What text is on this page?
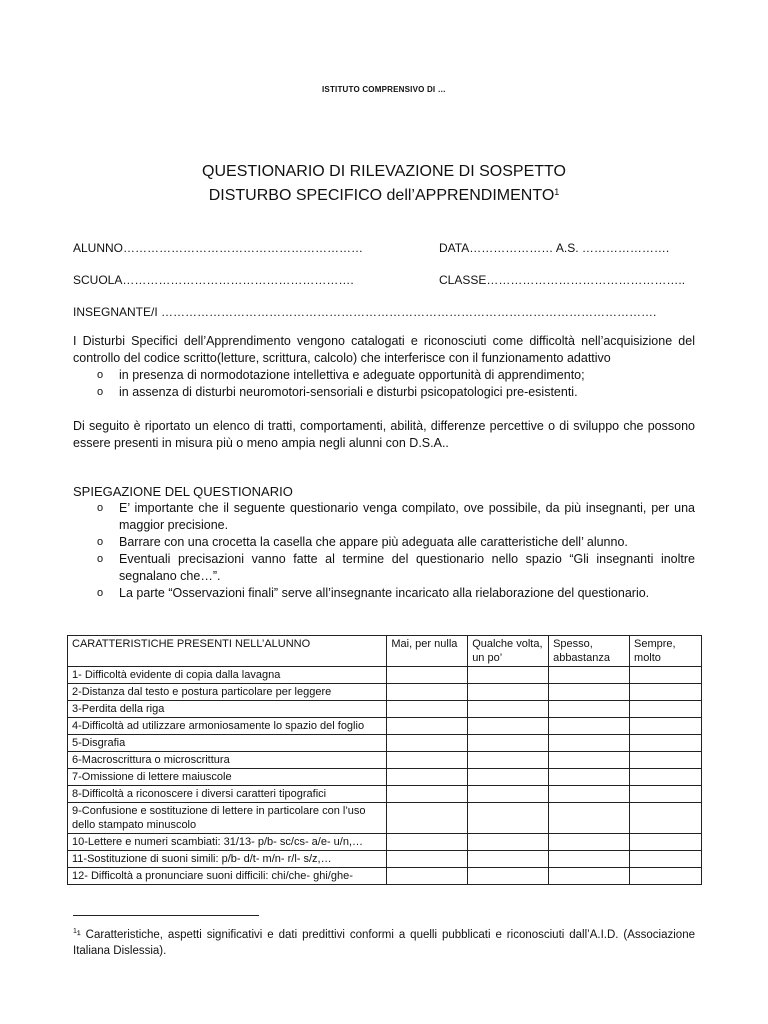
ISTITUTO COMPRENSIVO DI …
QUESTIONARIO DI RILEVAZIONE DI SOSPETTO
DISTURBO SPECIFICO dell’APPRENDIMENTO$^1$
ALUNNO……………………………………………………	DATA………………… A.S. ………………….
SCUOLA………………………………………………….	CLASSE…………………………………………..
INSEGNANTE/I …………………………………………………………………………………………………………….
I Disturbi Specifici dell’Apprendimento vengono catalogati e riconosciuti come difficoltà nell’acquisizione del controllo del codice scritto(letture, scrittura, calcolo) che interferisce con il funzionamento adattivo
o in presenza di normodotazione intellettiva e adeguate opportunità di apprendimento;
o in assenza di disturbi neuromotori-sensoriali e disturbi psicopatologici pre-esistenti.
Di seguito è riportato un elenco di tratti, comportamenti, abilità, differenze percettive o di sviluppo che possono essere presenti in misura più o meno ampia negli alunni con D.S.A..
SPIEGAZIONE DEL QUESTIONARIO
o E’ importante che il seguente questionario venga compilato, ove possibile, da più insegnanti, per una maggior precisione.
o Barrare con una crocetta la casella che appare più adeguata alle caratteristiche dell’ alunno.
o Eventuali precisazioni vanno fatte al termine del questionario nello spazio “Gli insegnanti inoltre segnalano che…”.
o La parte “Osservazioni finali” serve all’insegnante incaricato alla rielaborazione del questionario.
CARATTERISTICHE PRESENTI NELL’ALUNNO	Mai, per nulla	Qualche volta, un po’	Spesso, abbastanza	Sempre, molto
1- Difficoltà evidente di copia dalla lavagna				
2-Distanza dal testo e postura particolare per leggere				
3-Perdita della riga				
4-Difficoltà ad utilizzare armoniosamente lo spazio del foglio				
5-Disgrafia				
6-Macroscrittura o microscrittura				
7-Omissione di lettere maiuscole				
8-Difficoltà a riconoscere i diversi caratteri tipografici				
9-Confusione e sostituzione di lettere in particolare con l’uso dello stampato minuscolo				
10-Lettere e numeri scambiati: 31/13- p/b- sc/cs- a/e- u/n,…				
11-Sostituzione di suoni simili: p/b- d/t- m/n- r/l- s/z,…				
12- Difficoltà a pronunciare suoni difficili: chi/che- ghi/ghe-				
$^1$¹ Caratteristiche, aspetti significativi e dati predittivi conformi a quelli pubblicati e riconosciuti dall’A.I.D. (Associazione Italiana Dislessia).
